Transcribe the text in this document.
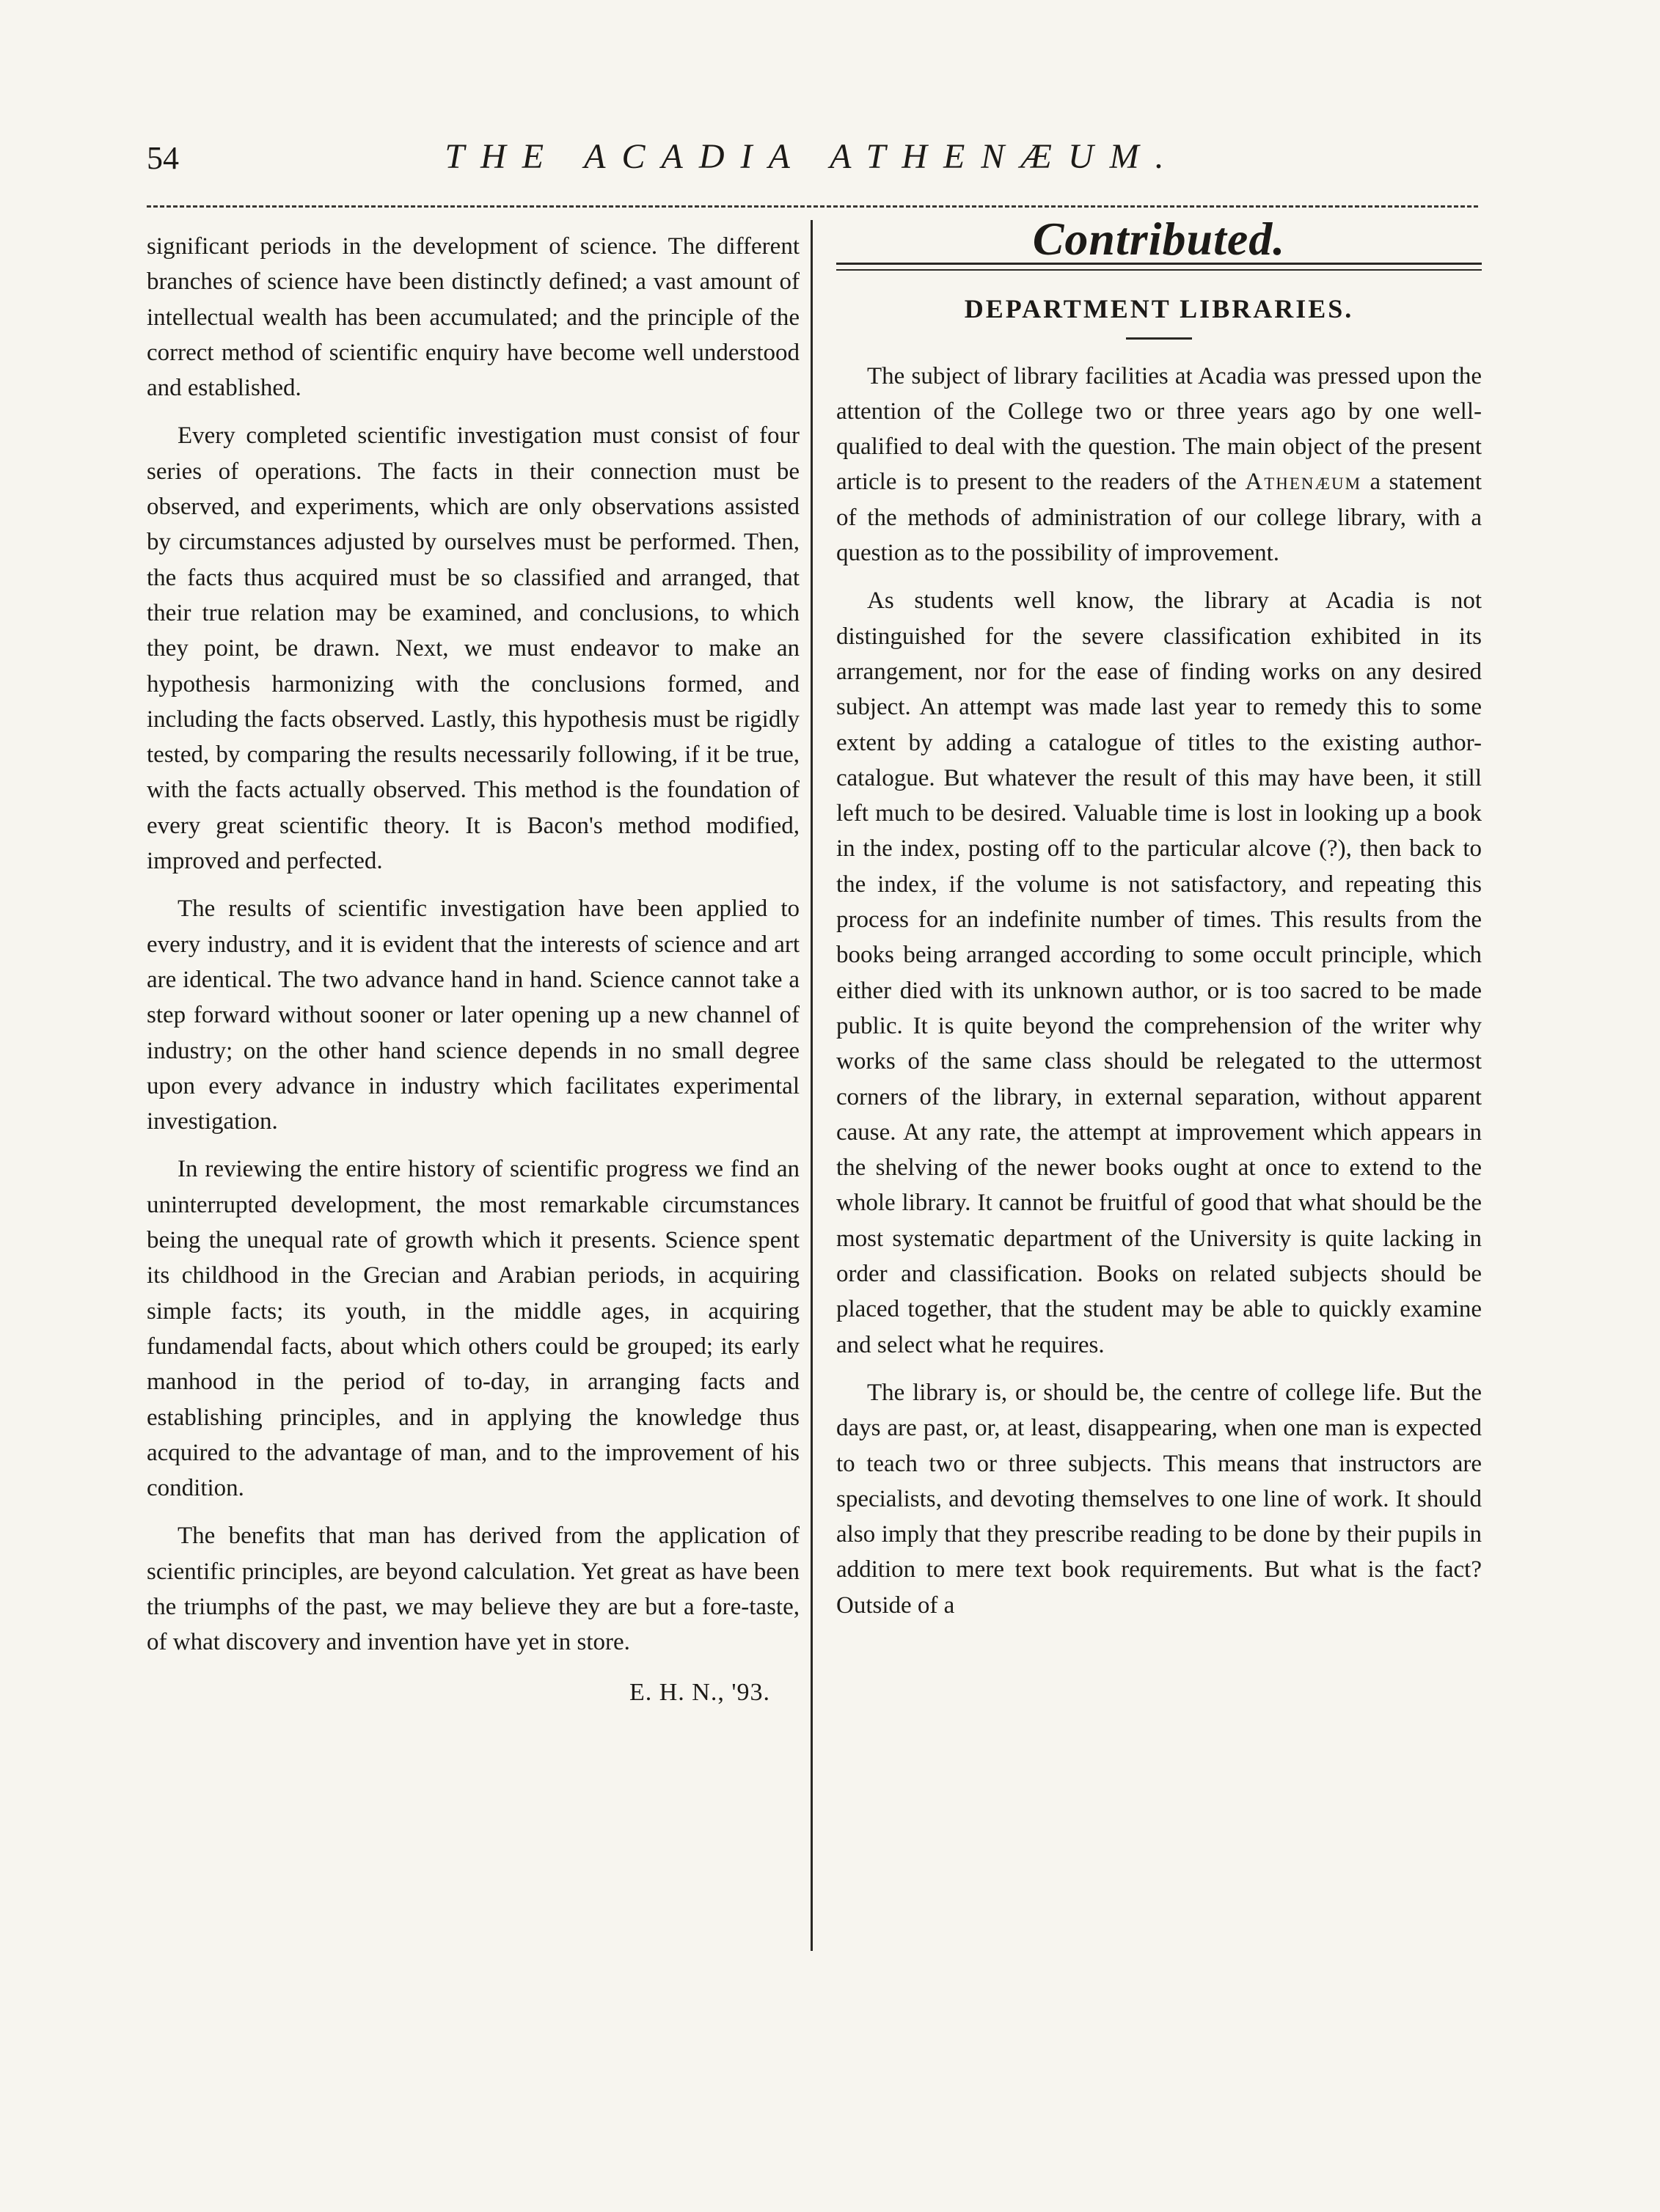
54	THE ACADIA ATHENÆUM.

significant periods in the development of science. The different branches of science have been distinctly defined; a vast amount of intellectual wealth has been accumulated; and the principle of the correct method of scientific enquiry have become well understood and established.

Every completed scientific investigation must consist of four series of operations. The facts in their connection must be observed, and experiments, which are only observations assisted by circumstances adjusted by ourselves must be performed. Then, the facts thus acquired must be so classified and arranged, that their true relation may be examined, and conclusions, to which they point, be drawn. Next, we must endeavor to make an hypothesis harmonizing with the conclusions formed, and including the facts observed. Lastly, this hypothesis must be rigidly tested, by comparing the results necessarily following, if it be true, with the facts actually observed. This method is the foundation of every great scientific theory. It is Bacon's method modified, improved and perfected.

The results of scientific investigation have been applied to every industry, and it is evident that the interests of science and art are identical. The two advance hand in hand. Science cannot take a step forward without sooner or later opening up a new channel of industry; on the other hand science depends in no small degree upon every advance in industry which facilitates experimental investigation.

In reviewing the entire history of scientific progress we find an uninterrupted development, the most remarkable circumstances being the unequal rate of growth which it presents. Science spent its childhood in the Grecian and Arabian periods, in acquiring simple facts; its youth, in the middle ages, in acquiring fundamendal facts, about which others could be grouped; its early manhood in the period of to-day, in arranging facts and establishing principles, and in applying the knowledge thus acquired to the advantage of man, and to the improvement of his condition.

The benefits that man has derived from the application of scientific principles, are beyond calculation. Yet great as have been the triumphs of the past, we may believe they are but a fore-taste, of what discovery and invention have yet in store.

E. H. N., '93.
Contributed.
DEPARTMENT LIBRARIES.

The subject of library facilities at Acadia was pressed upon the attention of the College two or three years ago by one well-qualified to deal with the question. The main object of the present article is to present to the readers of the Athenæum a statement of the methods of administration of our college library, with a question as to the possibility of improvement.

As students well know, the library at Acadia is not distinguished for the severe classification exhibited in its arrangement, nor for the ease of finding works on any desired subject. An attempt was made last year to remedy this to some extent by adding a catalogue of titles to the existing author-catalogue. But whatever the result of this may have been, it still left much to be desired. Valuable time is lost in looking up a book in the index, posting off to the particular alcove (?), then back to the index, if the volume is not satisfactory, and repeating this process for an indefinite number of times. This results from the books being arranged according to some occult principle, which either died with its unknown author, or is too sacred to be made public. It is quite beyond the comprehension of the writer why works of the same class should be relegated to the uttermost corners of the library, in external separation, without apparent cause. At any rate, the attempt at improvement which appears in the shelving of the newer books ought at once to extend to the whole library. It cannot be fruitful of good that what should be the most systematic department of the University is quite lacking in order and classification. Books on related subjects should be placed together, that the student may be able to quickly examine and select what he requires.

The library is, or should be, the centre of college life. But the days are past, or, at least, disappearing, when one man is expected to teach two or three subjects. This means that instructors are specialists, and devoting themselves to one line of work. It should also imply that they prescribe reading to be done by their pupils in addition to mere text book requirements. But what is the fact? Outside of a
